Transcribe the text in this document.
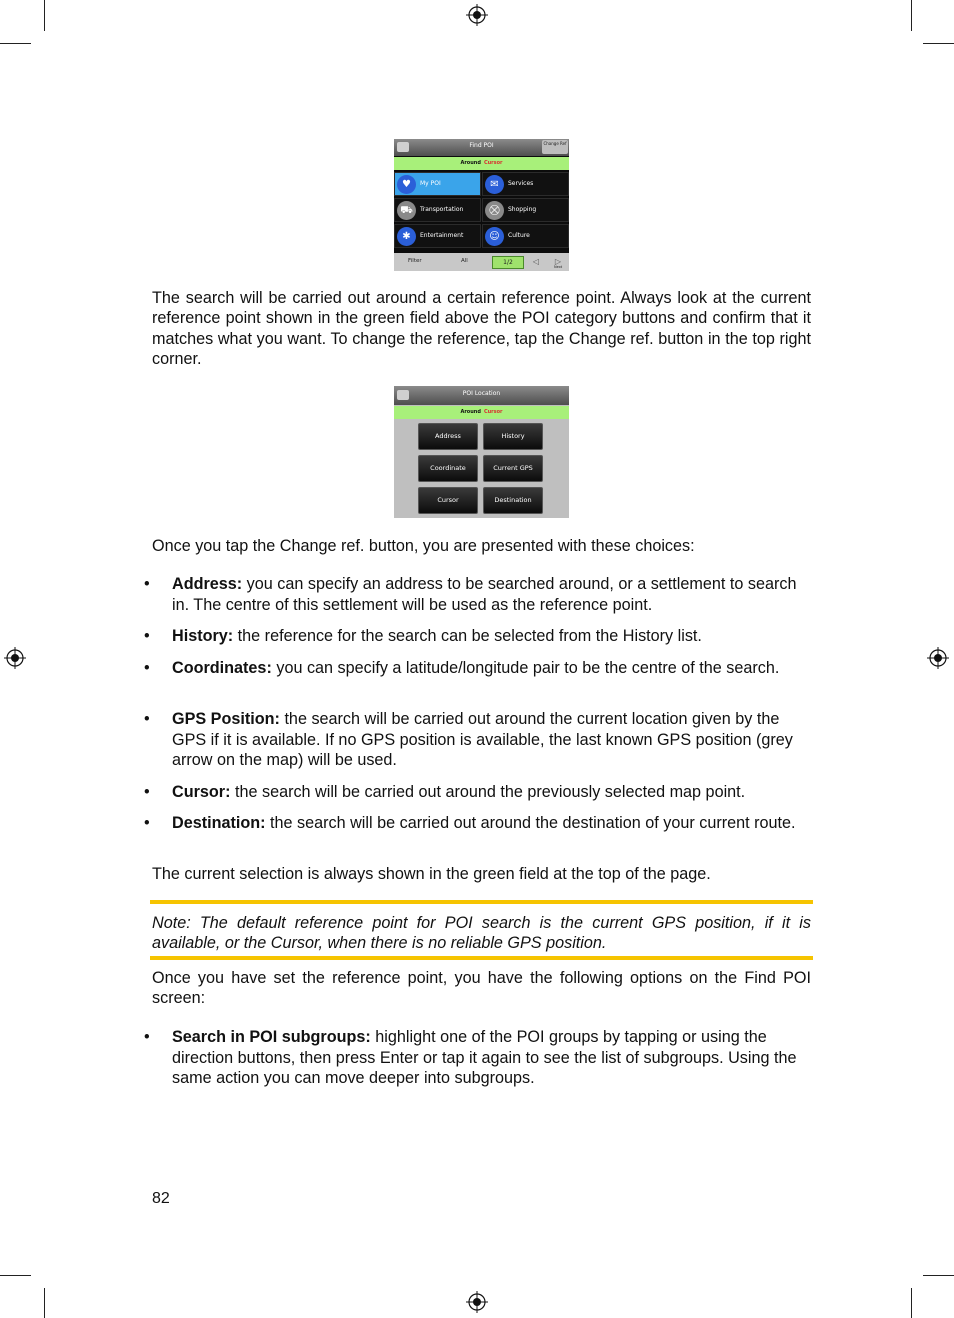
Find POI	Change Ref
Around Cursor
♥	My POI	✉	Services
⛟	Transportation	⛒	Shopping
✱	Entertainment	☺	Culture
Filter	All	1/2	◁	▷
Next

The search will be carried out around a certain reference point. Always look at the current reference point shown in the green field above the POI category buttons and confirm that it matches what you want. To change the reference, tap the Change ref. button in the top right corner.

POI Location
Around Cursor
Address	History
Coordinate	Current GPS
Cursor	Destination

Once you tap the Change ref. button, you are presented with these choices:

• Address: you can specify an address to be searched around, or a settlement to search in. The centre of this settlement will be used as the reference point.
• History: the reference for the search can be selected from the History list.
• Coordinates: you can specify a latitude/longitude pair to be the centre of the search.
• GPS Position: the search will be carried out around the current location given by the GPS if it is available. If no GPS position is available, the last known GPS position (grey arrow on the map) will be used.
• Cursor: the search will be carried out around the previously selected map point.
• Destination: the search will be carried out around the destination of your current route.

The current selection is always shown in the green field at the top of the page.

Note: The default reference point for POI search is the current GPS position, if it is available, or the Cursor, when there is no reliable GPS position.

Once you have set the reference point, you have the following options on the Find POI screen:

• Search in POI subgroups: highlight one of the POI groups by tapping or using the direction buttons, then press Enter or tap it again to see the list of subgroups. Using the same action you can move deeper into subgroups.
82
